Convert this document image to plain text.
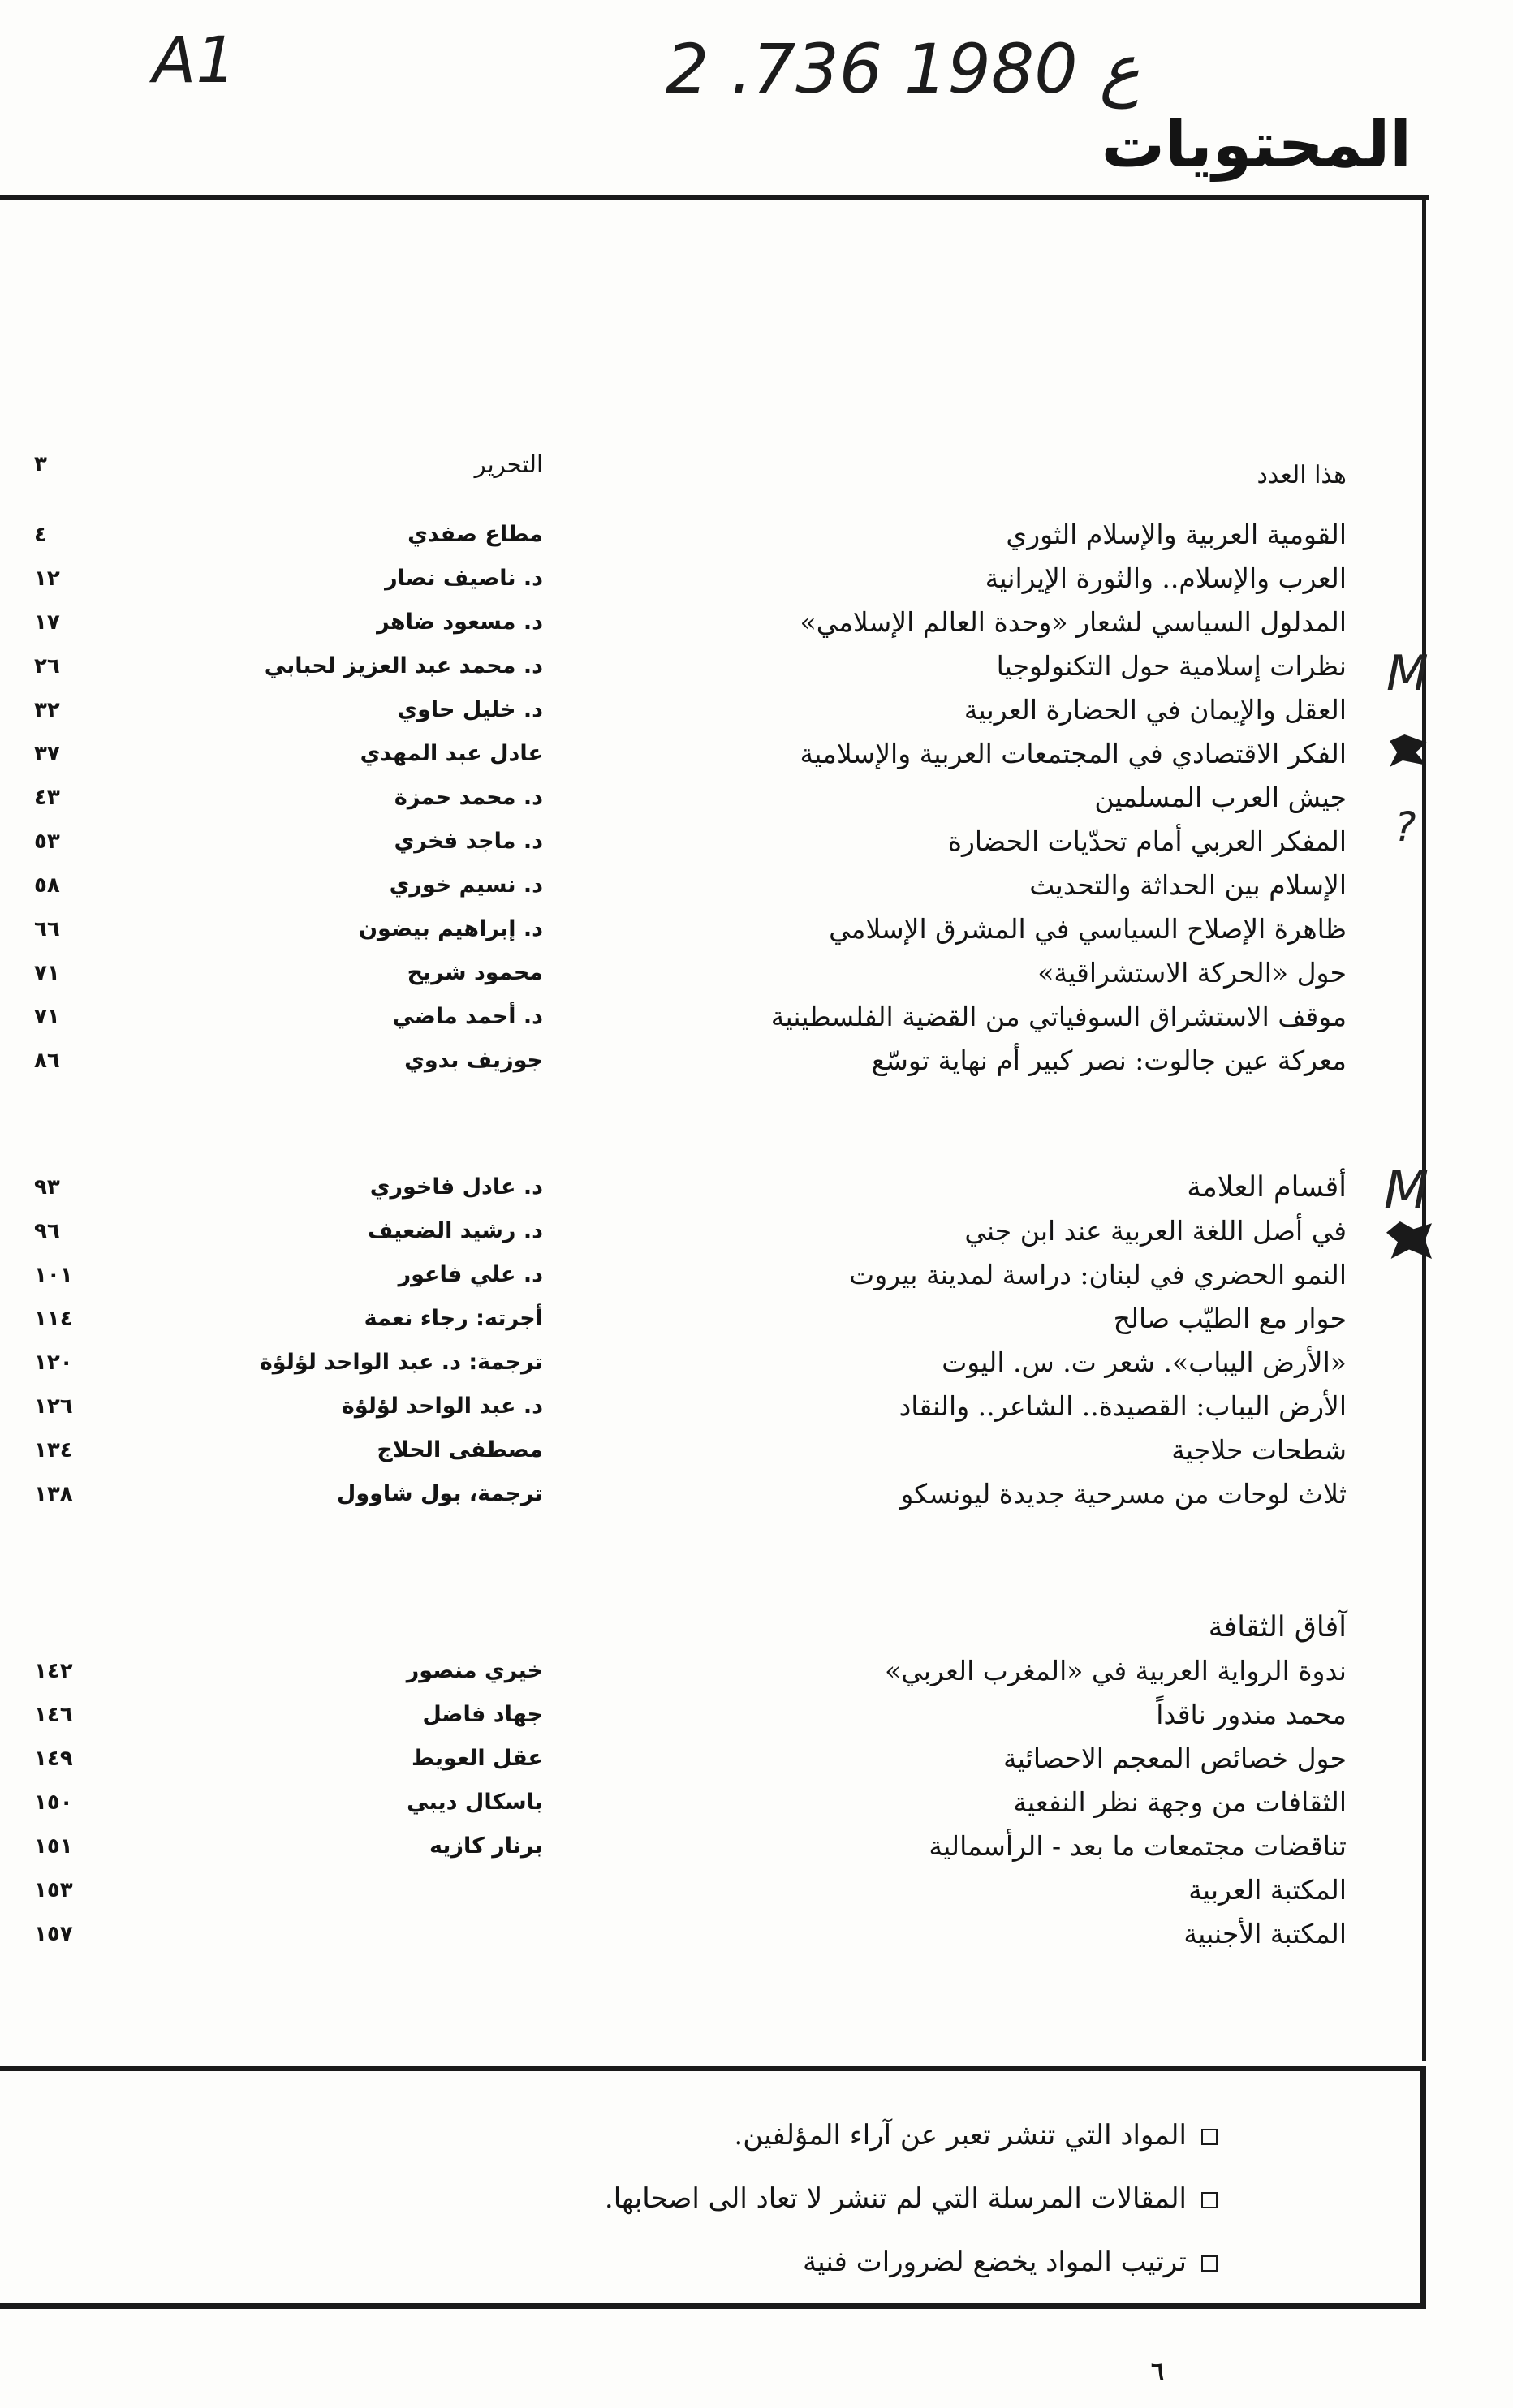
A1	2 .ع 1980 736
المحتويات
هذا العدد
التحرير
٣
القومية العربية والإسلام الثوري
مطاع صفدي
٤
العرب والإسلام.. والثورة الإيرانية
د. ناصيف نصار
١٢
المدلول السياسي لشعار «وحدة العالم الإسلامي»
د. مسعود ضاهر
١٧
نظرات إسلامية حول التكنولوجيا
د. محمد عبد العزيز لحبابي
٢٦
العقل والإيمان في الحضارة العربية
د. خليل حاوي
٣٢
الفكر الاقتصادي في المجتمعات العربية والإسلامية
عادل عبد المهدي
٣٧
جيش العرب المسلمين
د. محمد حمزة
٤٣
المفكر العربي أمام تحدّيات الحضارة
د. ماجد فخري
٥٣
الإسلام بين الحداثة والتحديث
د. نسيم خوري
٥٨
ظاهرة الإصلاح السياسي في المشرق الإسلامي
د. إبراهيم بيضون
٦٦
حول «الحركة الاستشراقية»
محمود شريح
٧١
موقف الاستشراق السوفياتي من القضية الفلسطينية
د. أحمد ماضي
٧١
معركة عين جالوت: نصر كبير أم نهاية توسّع
جوزيف بدوي
٨٦
أقسام العلامة
د. عادل فاخوري
٩٣
في أصل اللغة العربية عند ابن جني
د. رشيد الضعيف
٩٦
النمو الحضري في لبنان: دراسة لمدينة بيروت
د. علي فاعور
١٠١
حوار مع الطيّب صالح
أجرته: رجاء نعمة
١١٤
«الأرض اليباب». شعر ت. س. اليوت
ترجمة: د. عبد الواحد لؤلؤة
١٢٠
الأرض اليباب: القصيدة.. الشاعر.. والنقاد
د. عبد الواحد لؤلؤة
١٢٦
شطحات حلاجية
مصطفى الحلاج
١٣٤
ثلاث لوحات من مسرحية جديدة ليونسكو
ترجمة، بول شاوول
١٣٨
آفاق الثقافة
ندوة الرواية العربية في «المغرب العربي»
خيري منصور
١٤٢
محمد مندور ناقداً
جهاد فاضل
١٤٦
حول خصائص المعجم الاحصائية
عقل العويط
١٤٩
الثقافات من وجهة نظر النفعية
باسكال ديبي
١٥٠
تناقضات مجتمعات ما بعد - الرأسمالية
برنار كازيه
١٥١
المكتبة العربية
١٥٣
المكتبة الأجنبية
١٥٧
M
?
M
المواد التي تنشر تعبر عن آراء المؤلفين.
المقالات المرسلة التي لم تنشر لا تعاد الى اصحابها.
ترتيب المواد يخضع لضرورات فنية
٦
